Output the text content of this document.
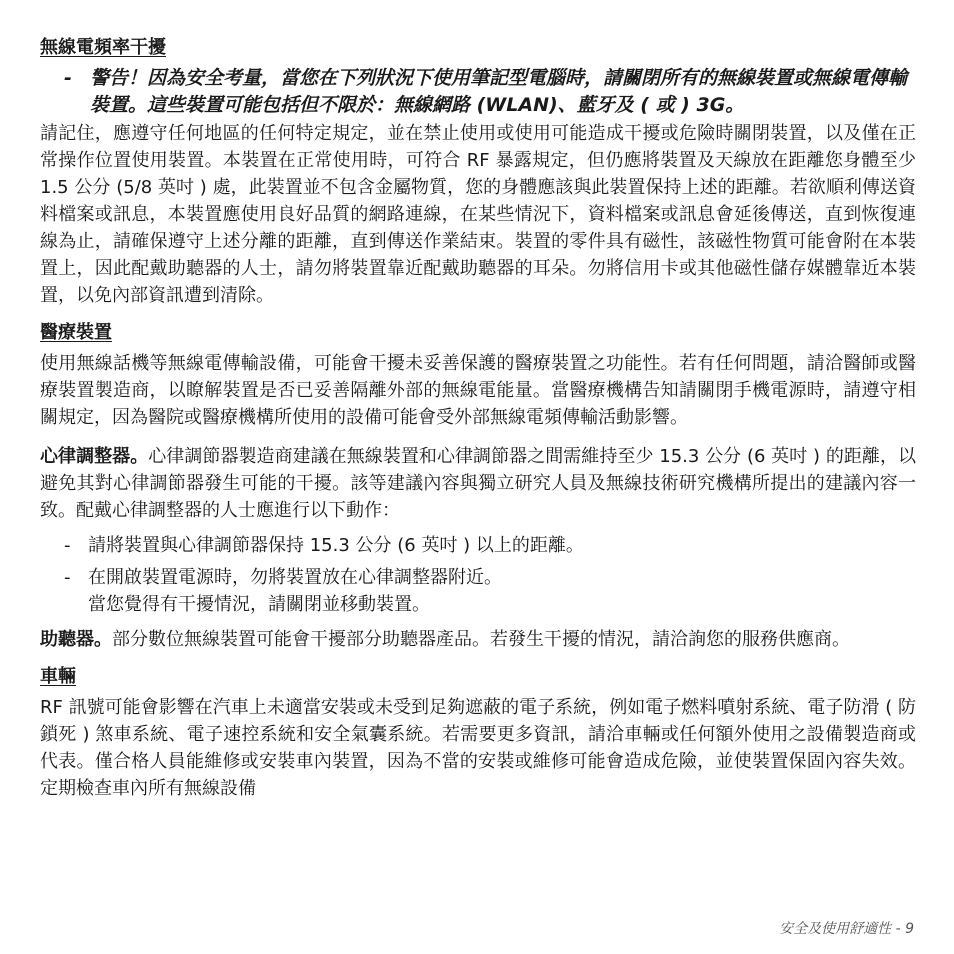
無線電頻率干擾
- 警告！因為安全考量，當您在下列狀況下使用筆記型電腦時，請關閉所有的無線裝置或無線電傳輸裝置。這些裝置可能包括但不限於：無線網路 (WLAN)、藍牙及 ( 或 ) 3G。

請記住，應遵守任何地區的任何特定規定，並在禁止使用或使用可能造成干擾或危險時關閉裝置，以及僅在正常操作位置使用裝置。本裝置在正常使用時，可符合 RF 暴露規定，但仍應將裝置及天線放在距離您身體至少 1.5 公分 (5/8 英吋 ) 處，此裝置並不包含金屬物質，您的身體應該與此裝置保持上述的距離。若欲順利傳送資料檔案或訊息，本裝置應使用良好品質的網路連線，在某些情況下，資料檔案或訊息會延後傳送，直到恢復連線為止，請確保遵守上述分離的距離，直到傳送作業結束。裝置的零件具有磁性，該磁性物質可能會附在本裝置上，因此配戴助聽器的人士，請勿將裝置靠近配戴助聽器的耳朵。勿將信用卡或其他磁性儲存媒體靠近本裝置，以免內部資訊遭到清除。

醫療裝置

使用無線話機等無線電傳輸設備，可能會干擾未妥善保護的醫療裝置之功能性。若有任何問題，請洽醫師或醫療裝置製造商，以瞭解裝置是否已妥善隔離外部的無線電能量。當醫療機構告知請關閉手機電源時，請遵守相關規定，因為醫院或醫療機構所使用的設備可能會受外部無線電頻傳輸活動影響。

心律調整器。心律調節器製造商建議在無線裝置和心律調節器之間需維持至少 15.3 公分 (6 英吋 ) 的距離，以避免其對心律調節器發生可能的干擾。該等建議內容與獨立研究人員及無線技術研究機構所提出的建議內容一致。配戴心律調整器的人士應進行以下動作：

- 請將裝置與心律調節器保持 15.3 公分 (6 英吋 ) 以上的距離。
- 在開啟裝置電源時，勿將裝置放在心律調整器附近。
當您覺得有干擾情況，請關閉並移動裝置。

助聽器。部分數位無線裝置可能會干擾部分助聽器產品。若發生干擾的情況，請洽詢您的服務供應商。

車輛

RF 訊號可能會影響在汽車上未適當安裝或未受到足夠遮蔽的電子系統，例如電子燃料噴射系統、電子防滑 ( 防鎖死 ) 煞車系統、電子速控系統和安全氣囊系統。若需要更多資訊，請洽車輛或任何額外使用之設備製造商或代表。僅合格人員能維修或安裝車內裝置，因為不當的安裝或維修可能會造成危險，並使裝置保固內容失效。定期檢查車內所有無線設備

安全及使用舒適性 - 9
